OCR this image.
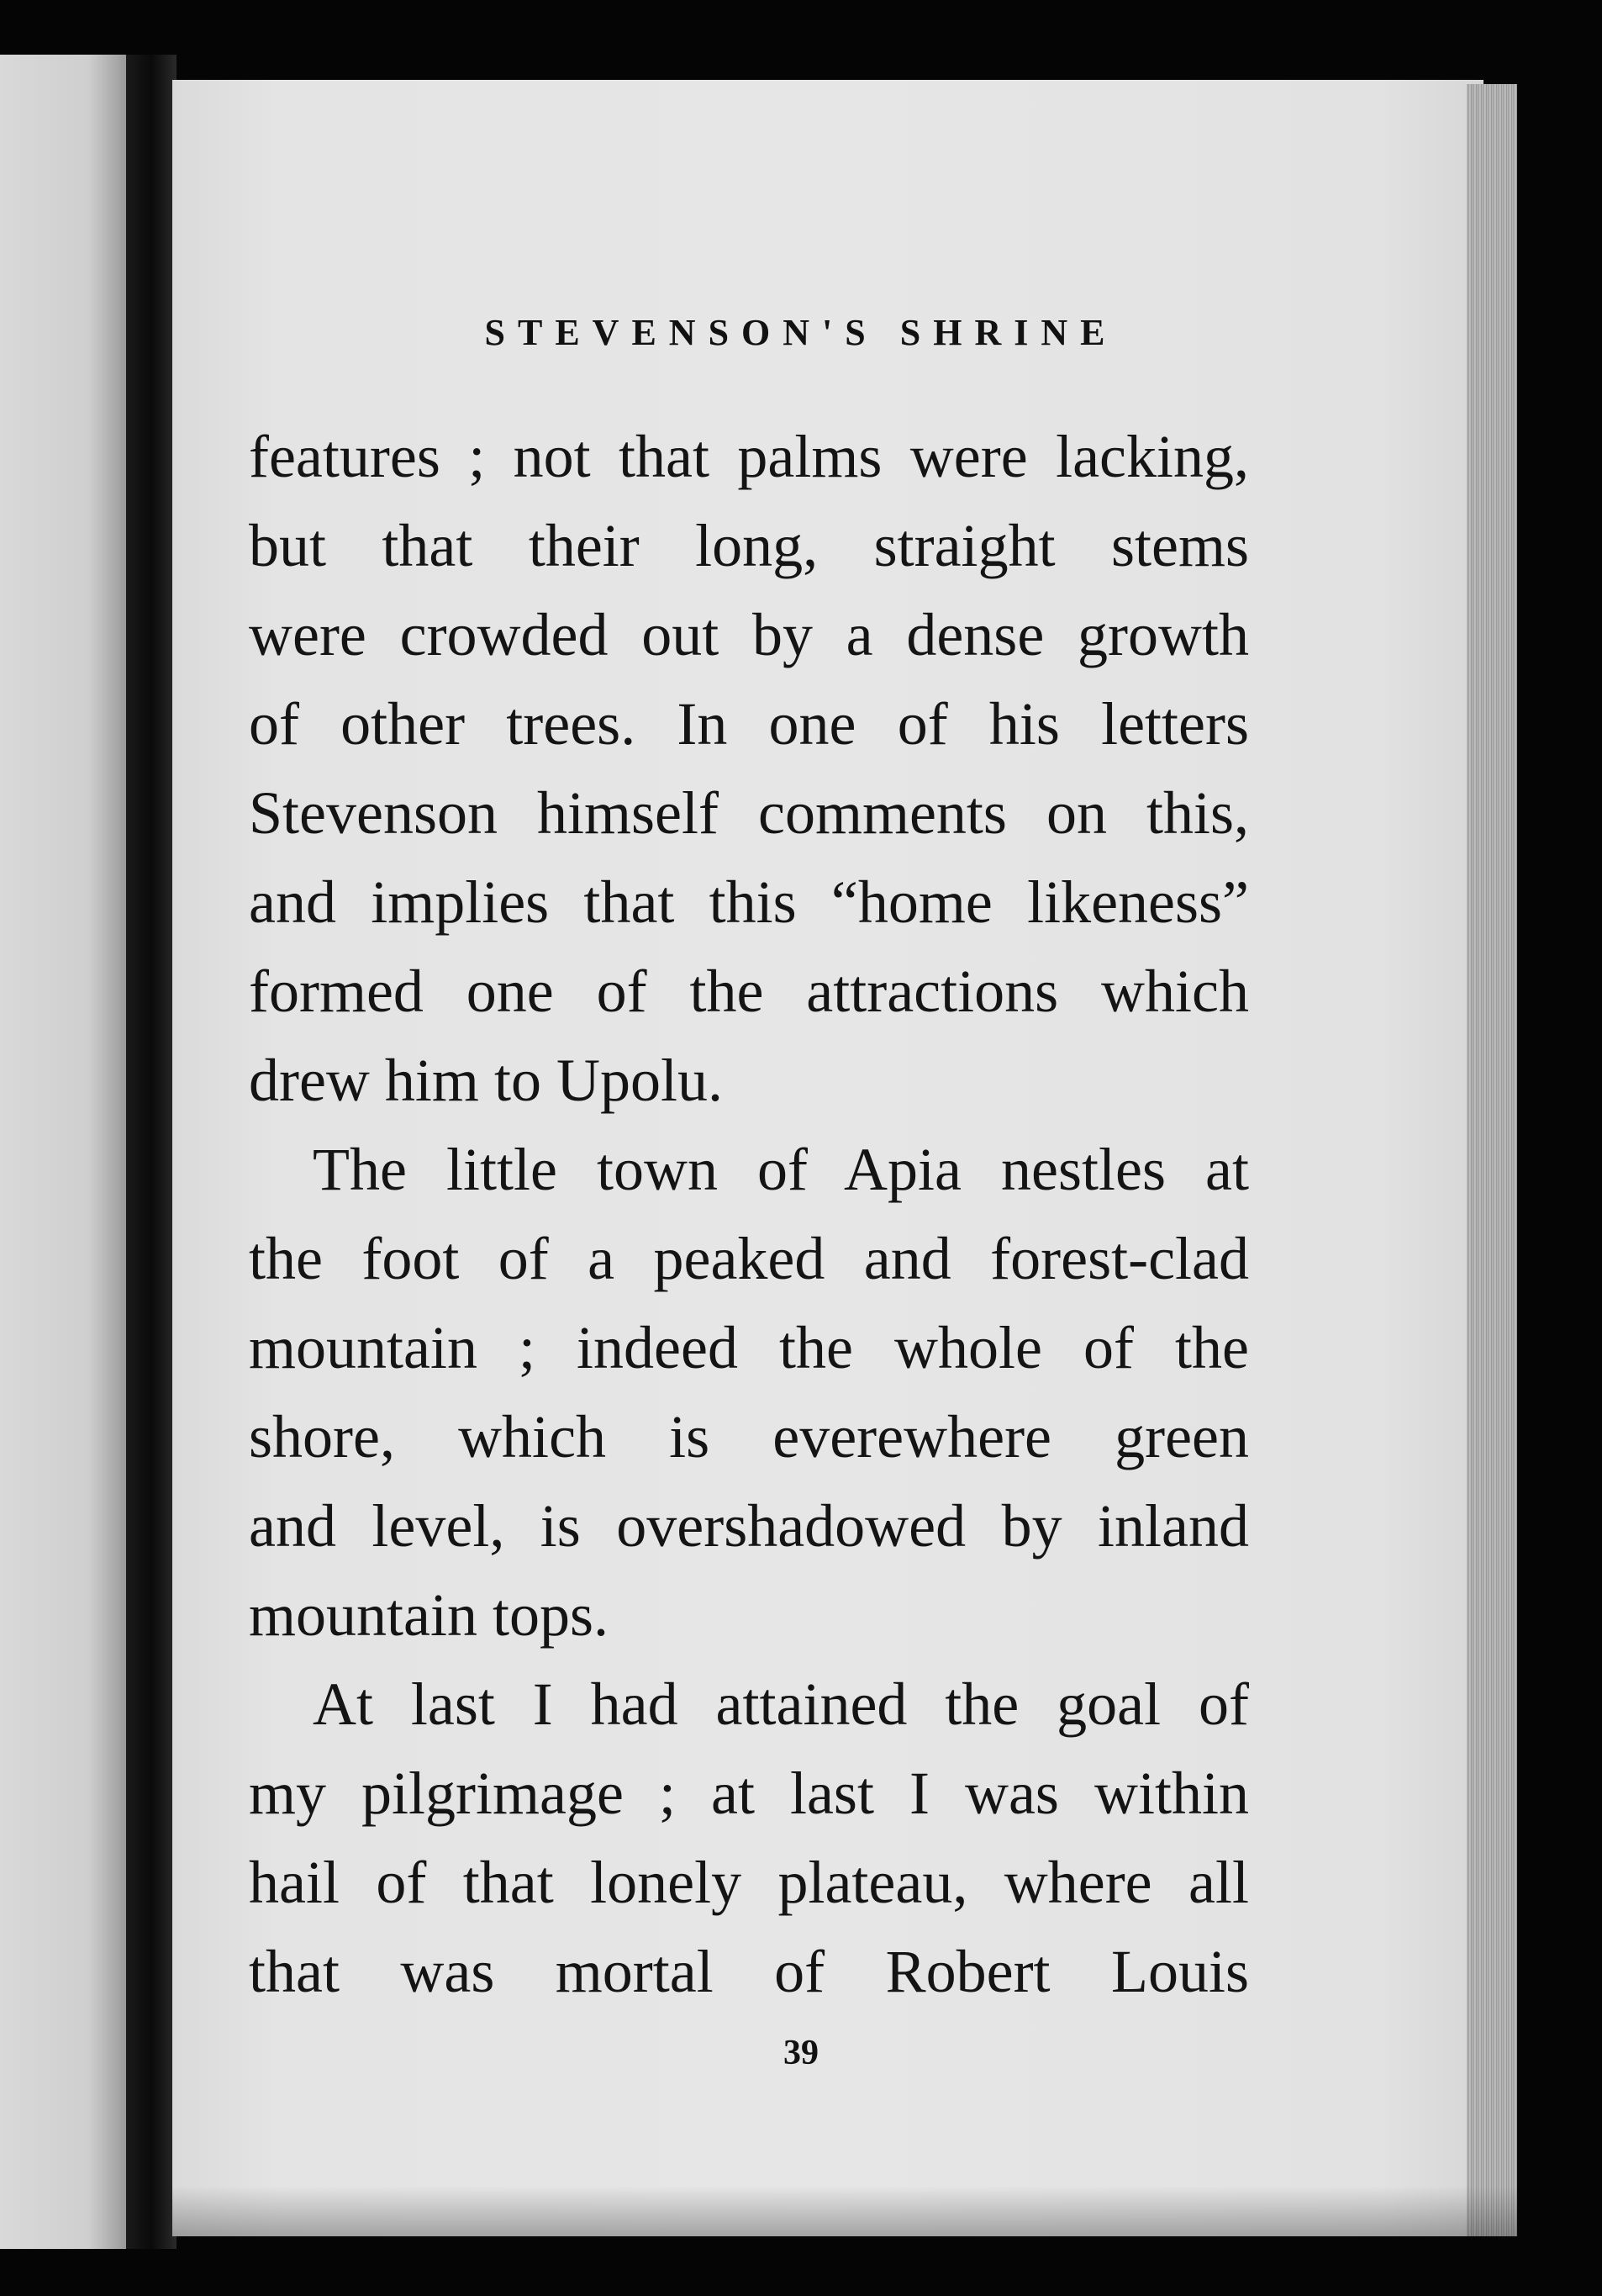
STEVENSON'S SHRINE
features ; not that palms were lacking,
but that their long, straight stems
were crowded out by a dense growth
of other trees. In one of his letters
Stevenson himself comments on this,
and implies that this “home likeness”
formed one of the attractions which
drew him to Upolu.
The little town of Apia nestles at
the foot of a peaked and forest-clad
mountain ; indeed the whole of the
shore, which is everewhere green
and level, is overshadowed by inland
mountain tops.
At last I had attained the goal of
my pilgrimage ; at last I was within
hail of that lonely plateau, where all
that was mortal of Robert Louis
39
